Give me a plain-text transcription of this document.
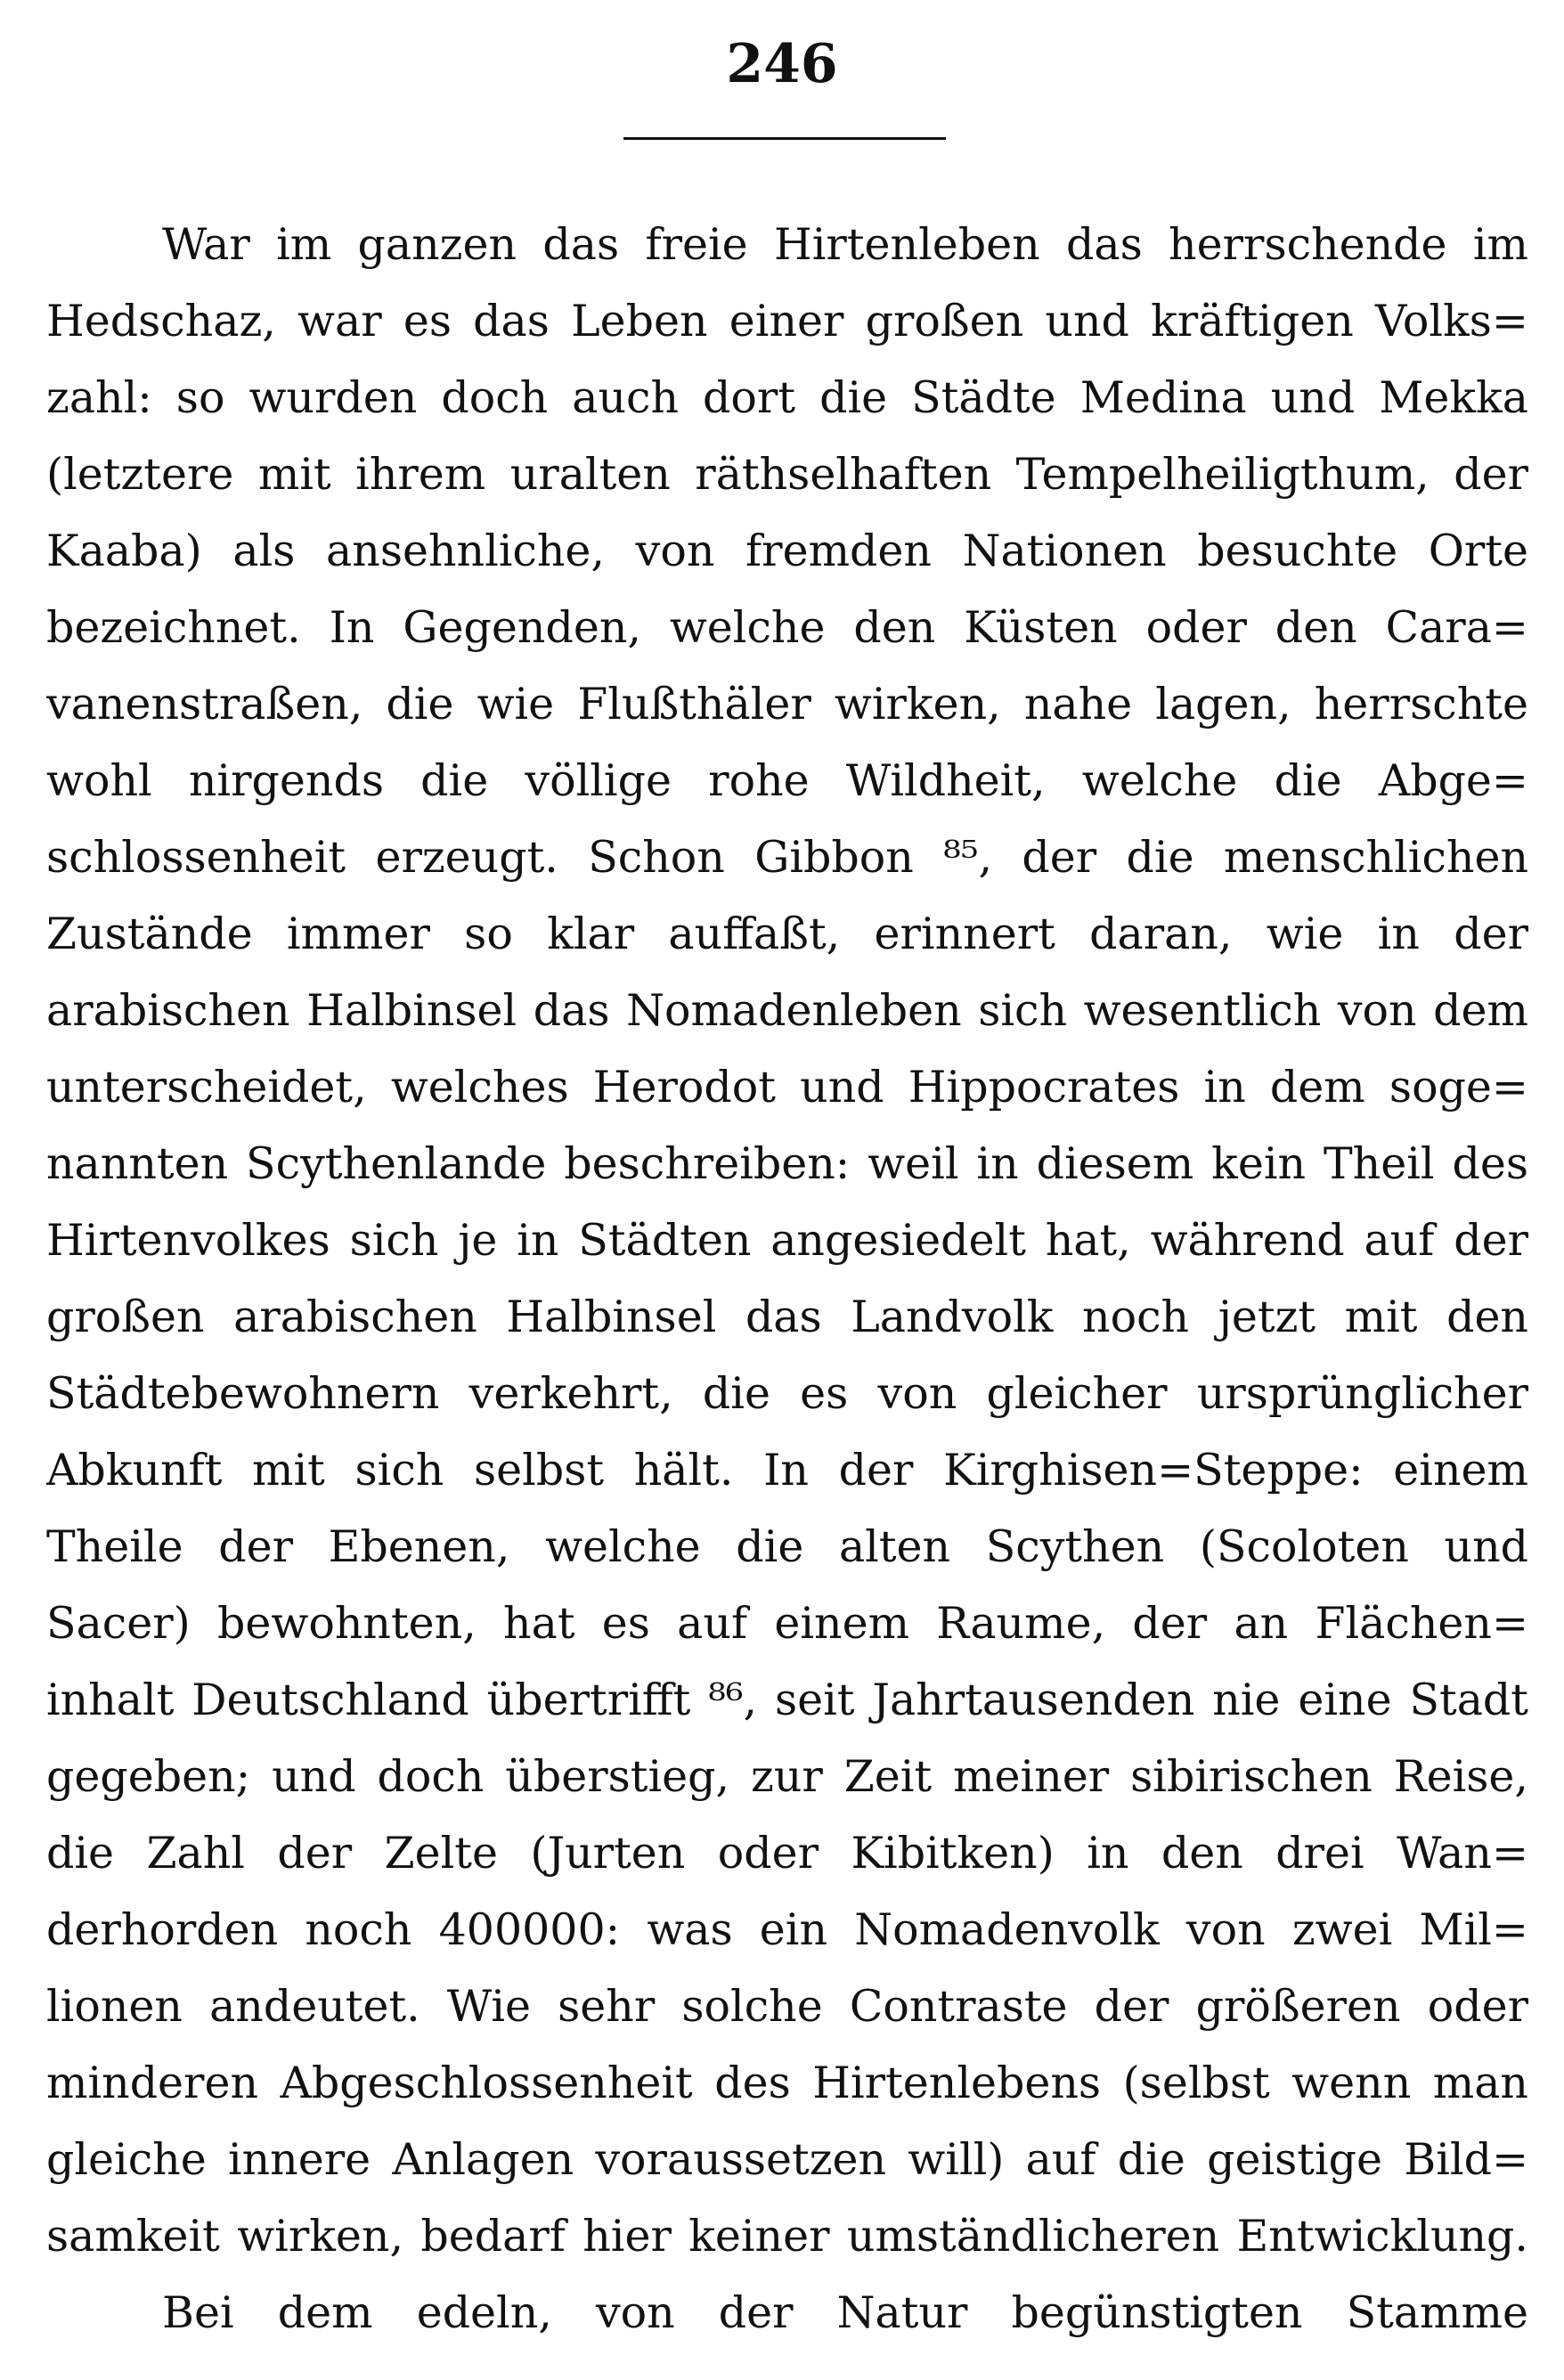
246
War im ganzen das freie Hirtenleben das herrschende im
Hedschaz, war es das Leben einer großen und kräftigen Volks=
zahl: so wurden doch auch dort die Städte Medina und Mekka
(letztere mit ihrem uralten räthselhaften Tempelheiligthum, der
Kaaba) als ansehnliche, von fremden Nationen besuchte Orte
bezeichnet. In Gegenden, welche den Küsten oder den Cara=
vanenstraßen, die wie Flußthäler wirken, nahe lagen, herrschte
wohl nirgends die völlige rohe Wildheit, welche die Abge=
schlossenheit erzeugt. Schon Gibbon ⁸⁵, der die menschlichen
Zustände immer so klar auffaßt, erinnert daran, wie in der
arabischen Halbinsel das Nomadenleben sich wesentlich von dem
unterscheidet, welches Herodot und Hippocrates in dem soge=
nannten Scythenlande beschreiben: weil in diesem kein Theil des
Hirtenvolkes sich je in Städten angesiedelt hat, während auf der
großen arabischen Halbinsel das Landvolk noch jetzt mit den
Städtebewohnern verkehrt, die es von gleicher ursprünglicher
Abkunft mit sich selbst hält. In der Kirghisen=Steppe: einem
Theile der Ebenen, welche die alten Scythen (Scoloten und
Sacer) bewohnten, hat es auf einem Raume, der an Flächen=
inhalt Deutschland übertrifft ⁸⁶, seit Jahrtausenden nie eine Stadt
gegeben; und doch überstieg, zur Zeit meiner sibirischen Reise,
die Zahl der Zelte (Jurten oder Kibitken) in den drei Wan=
derhorden noch 400000: was ein Nomadenvolk von zwei Mil=
lionen andeutet. Wie sehr solche Contraste der größeren oder
minderen Abgeschlossenheit des Hirtenlebens (selbst wenn man
gleiche innere Anlagen voraussetzen will) auf die geistige Bild=
samkeit wirken, bedarf hier keiner umständlicheren Entwicklung.
Bei dem edeln, von der Natur begünstigten Stamme
